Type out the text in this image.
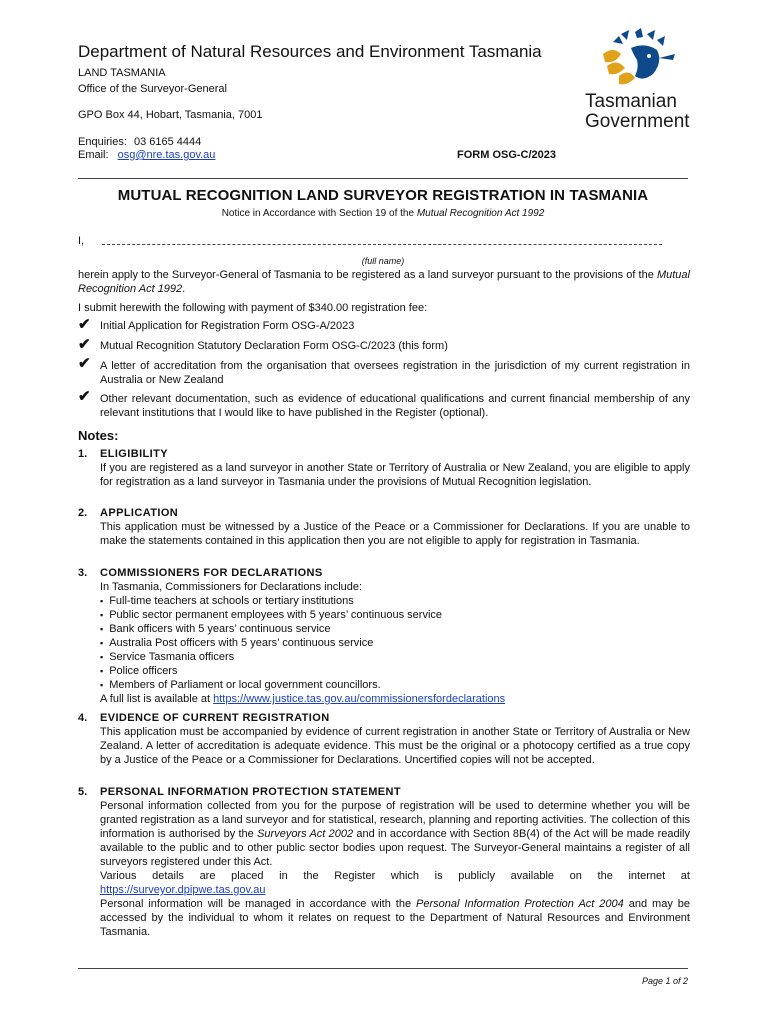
Department of Natural Resources and Environment Tasmania
LAND TASMANIA
Office of the Surveyor-General
GPO Box 44, Hobart, Tasmania, 7001
Enquiries: 03 6165 4444
Email: osg@nre.tas.gov.au	FORM OSG-C/2023
Tasmanian
Government
MUTUAL RECOGNITION LAND SURVEYOR REGISTRATION IN TASMANIA
Notice in Accordance with Section 19 of the Mutual Recognition Act 1992
I,
(full name)
herein apply to the Surveyor-General of Tasmania to be registered as a land surveyor pursuant to the provisions of the Mutual Recognition Act 1992.
I submit herewith the following with payment of $340.00 registration fee:
✔ Initial Application for Registration Form OSG-A/2023
✔ Mutual Recognition Statutory Declaration Form OSG-C/2023 (this form)
✔ A letter of accreditation from the organisation that oversees registration in the jurisdiction of my current registration in Australia or New Zealand
✔ Other relevant documentation, such as evidence of educational qualifications and current financial membership of any relevant institutions that I would like to have published in the Register (optional).
Notes:
1. ELIGIBILITY
If you are registered as a land surveyor in another State or Territory of Australia or New Zealand, you are eligible to apply for registration as a land surveyor in Tasmania under the provisions of Mutual Recognition legislation.
2. APPLICATION
This application must be witnessed by a Justice of the Peace or a Commissioner for Declarations. If you are unable to make the statements contained in this application then you are not eligible to apply for registration in Tasmania.
3. COMMISSIONERS FOR DECLARATIONS
In Tasmania, Commissioners for Declarations include:
▪ Full-time teachers at schools or tertiary institutions
▪ Public sector permanent employees with 5 years’ continuous service
▪ Bank officers with 5 years’ continuous service
▪ Australia Post officers with 5 years’ continuous service
▪ Service Tasmania officers
▪ Police officers
▪ Members of Parliament or local government councillors.
A full list is available at https://www.justice.tas.gov.au/commissionersfordeclarations
4. EVIDENCE OF CURRENT REGISTRATION
This application must be accompanied by evidence of current registration in another State or Territory of Australia or New Zealand. A letter of accreditation is adequate evidence. This must be the original or a photocopy certified as a true copy by a Justice of the Peace or a Commissioner for Declarations. Uncertified copies will not be accepted.
5. PERSONAL INFORMATION PROTECTION STATEMENT
Personal information collected from you for the purpose of registration will be used to determine whether you will be granted registration as a land surveyor and for statistical, research, planning and reporting activities. The collection of this information is authorised by the Surveyors Act 2002 and in accordance with Section 8B(4) of the Act will be made readily available to the public and to other public sector bodies upon request. The Surveyor-General maintains a register of all surveyors registered under this Act.
Various details are placed in the Register which is publicly available on the internet at
https://surveyor.dpipwe.tas.gov.au
Personal information will be managed in accordance with the Personal Information Protection Act 2004 and may be accessed by the individual to whom it relates on request to the Department of Natural Resources and Environment Tasmania.
Page 1 of 2
